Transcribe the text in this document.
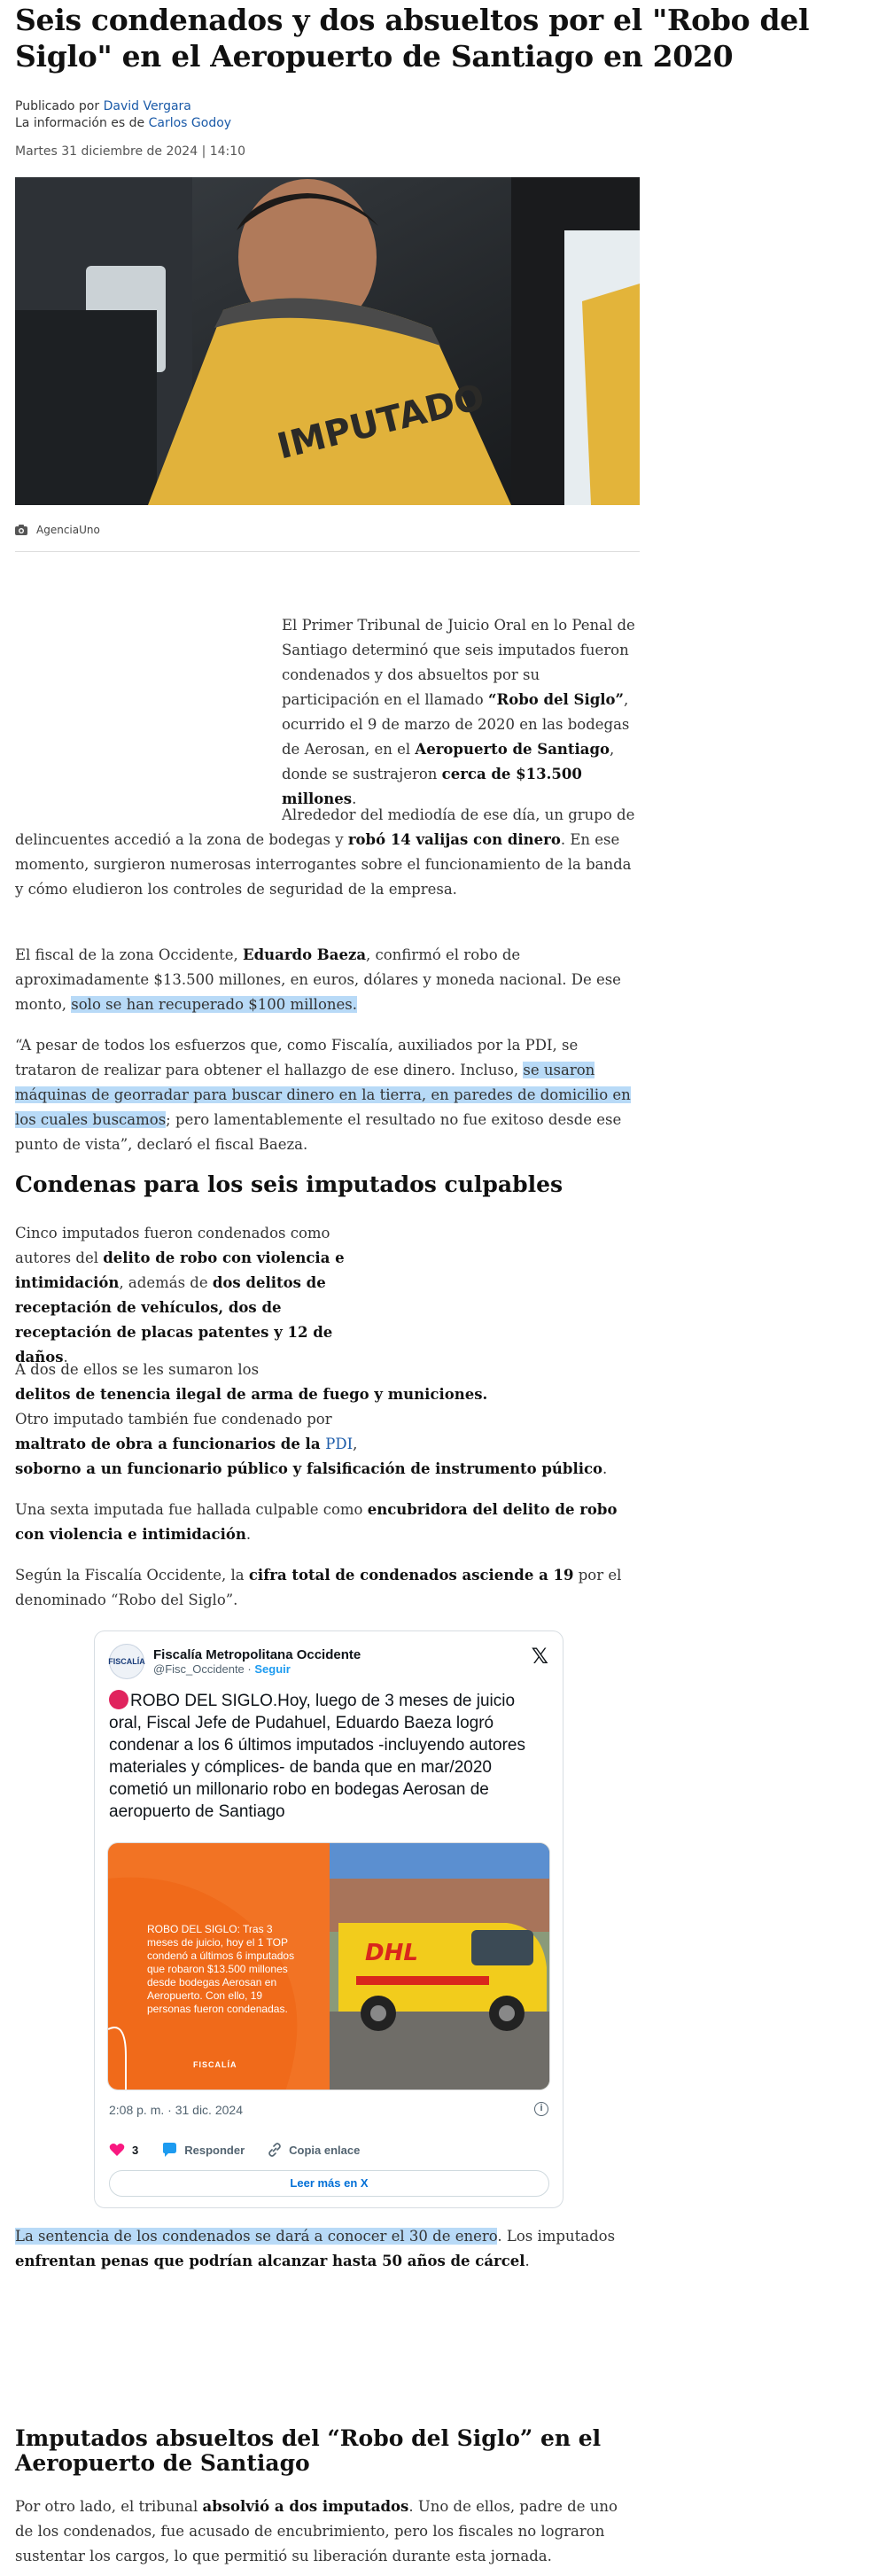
Seis condenados y dos absueltos por el "Robo del Siglo" en el Aeropuerto de Santiago en 2020
Publicado por David Vergara
La información es de Carlos Godoy
Martes 31 diciembre de 2024 | 14:10
IMPUTADO
AgenciaUno

El Primer Tribunal de Juicio Oral en lo Penal de Santiago determinó que seis imputados fueron condenados y dos absueltos por su participación en el llamado “Robo del Siglo”, ocurrido el 9 de marzo de 2020 en las bodegas de Aerosan, en el Aeropuerto de Santiago, donde se sustrajeron cerca de $13.500 millones.

Alrededor del mediodía de ese día, un grupo de delincuentes accedió a la zona de bodegas y robó 14 valijas con dinero. En ese momento, surgieron numerosas interrogantes sobre el funcionamiento de la banda y cómo eludieron los controles de seguridad de la empresa.

El fiscal de la zona Occidente, Eduardo Baeza, confirmó el robo de aproximadamente $13.500 millones, en euros, dólares y moneda nacional. De ese monto, solo se han recuperado $100 millones.

“A pesar de todos los esfuerzos que, como Fiscalía, auxiliados por la PDI, se trataron de realizar para obtener el hallazgo de ese dinero. Incluso, se usaron máquinas de georradar para buscar dinero en la tierra, en paredes de domicilio en los cuales buscamos; pero lamentablemente el resultado no fue exitoso desde ese punto de vista”, declaró el fiscal Baeza.

Condenas para los seis imputados culpables

Cinco imputados fueron condenados como autores del delito de robo con violencia e intimidación, además de dos delitos de receptación de vehículos, dos de receptación de placas patentes y 12 de daños.

A dos de ellos se les sumaron los
delitos de tenencia ilegal de arma de fuego y municiones.
Otro imputado también fue condenado por
maltrato de obra a funcionarios de la PDI,
soborno a un funcionario público y falsificación de instrumento público.

Una sexta imputada fue hallada culpable como encubridora del delito de robo con violencia e intimidación.

Según la Fiscalía Occidente, la cifra total de condenados asciende a 19 por el denominado “Robo del Siglo”.

FISCALÍA Fiscalía Metropolitana Occidente
@Fisc_Occidente · Seguir
𝕏
ROBO DEL SIGLO.Hoy, luego de 3 meses de juicio oral, Fiscal Jefe de Pudahuel, Eduardo Baeza logró condenar a los 6 últimos imputados -incluyendo autores materiales y cómplices- de banda que en mar/2020 cometió un millonario robo en bodegas Aerosan de aeropuerto de Santiago
ROBO DEL SIGLO: Tras 3 meses de juicio, hoy el 1 TOP condenó a últimos 6 imputados que robaron $13.500 millones desde bodegas Aerosan en Aeropuerto. Con ello, 19 personas fueron condenadas.
FISCALÍA
DHL
2:08 p. m. · 31 dic. 2024	i
3	Responder	Copia enlace
Leer más en X

La sentencia de los condenados se dará a conocer el 30 de enero. Los imputados enfrentan penas que podrían alcanzar hasta 50 años de cárcel.

Imputados absueltos del “Robo del Siglo” en el Aeropuerto de Santiago

Por otro lado, el tribunal absolvió a dos imputados. Uno de ellos, padre de uno de los condenados, fue acusado de encubrimiento, pero los fiscales no lograron sustentar los cargos, lo que permitió su liberación durante esta jornada.
